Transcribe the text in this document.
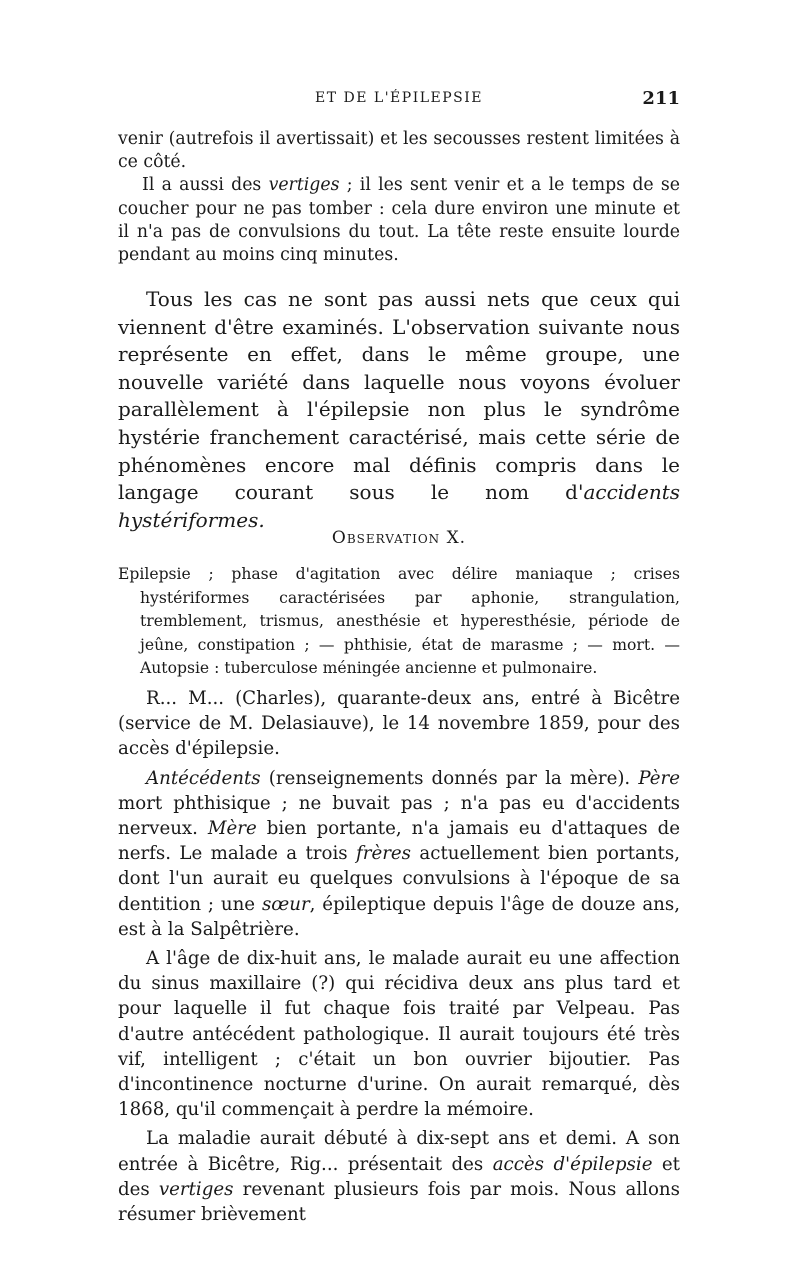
ET DE L'ÉPILEPSIE	211

venir (autrefois il avertissait) et les secousses restent limitées à ce côté.

Il a aussi des vertiges ; il les sent venir et a le temps de se coucher pour ne pas tomber : cela dure environ une minute et il n'a pas de convulsions du tout. La tête reste ensuite lourde pendant au moins cinq minutes.

Tous les cas ne sont pas aussi nets que ceux qui viennent d'être examinés. L'observation suivante nous représente en effet, dans le même groupe, une nouvelle variété dans laquelle nous voyons évoluer parallèlement à l'épilepsie non plus le syndrôme hystérie franchement caractérisé, mais cette série de phénomènes encore mal définis compris dans le langage courant sous le nom d'accidents hystériformes.

Observation X.

Epilepsie ; phase d'agitation avec délire maniaque ; crises hystériformes caractérisées par aphonie, strangulation, tremblement, trismus, anesthésie et hyperesthésie, période de jeûne, constipation ; — phthisie, état de marasme ; — mort. — Autopsie : tuberculose méningée ancienne et pulmonaire.

R... M... (Charles), quarante-deux ans, entré à Bicêtre (service de M. Delasiauve), le 14 novembre 1859, pour des accès d'épilepsie.

Antécédents (renseignements donnés par la mère). Père mort phthisique ; ne buvait pas ; n'a pas eu d'accidents nerveux. Mère bien portante, n'a jamais eu d'attaques de nerfs. Le malade a trois frères actuellement bien portants, dont l'un aurait eu quelques convulsions à l'époque de sa dentition ; une sœur, épileptique depuis l'âge de douze ans, est à la Salpêtrière.

A l'âge de dix-huit ans, le malade aurait eu une affection du sinus maxillaire (?) qui récidiva deux ans plus tard et pour laquelle il fut chaque fois traité par Velpeau. Pas d'autre antécédent pathologique. Il aurait toujours été très vif, intelligent ; c'était un bon ouvrier bijoutier. Pas d'incontinence nocturne d'urine. On aurait remarqué, dès 1868, qu'il commençait à perdre la mémoire.

La maladie aurait débuté à dix-sept ans et demi. A son entrée à Bicêtre, Rig... présentait des accès d'épilepsie et des vertiges revenant plusieurs fois par mois. Nous allons résumer brièvement
